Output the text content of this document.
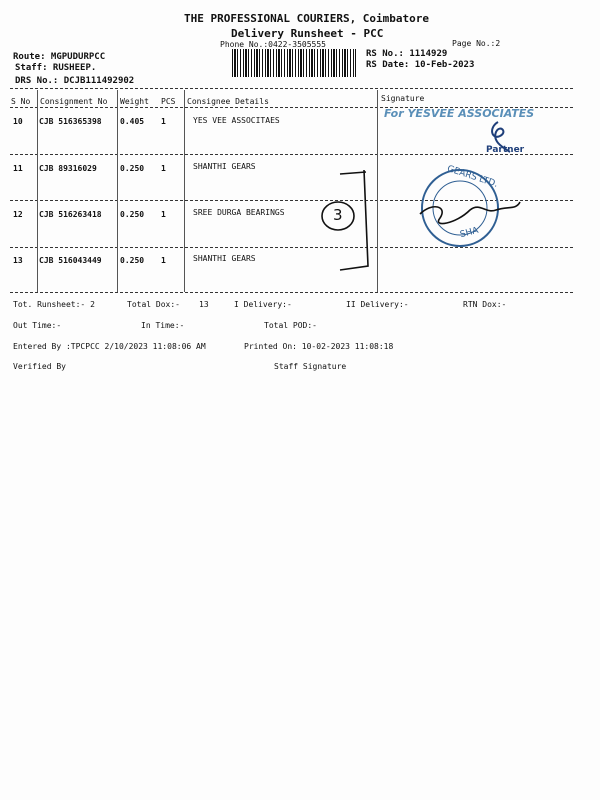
THE PROFESSIONAL COURIERS, Coimbatore
Delivery Runsheet - PCC
Phone No.:0422-3505555	Page No.:2
Route: MGPUDURPCC
Staff: RUSHEEP.
DRS No.: DCJB111492902
RS No.: 1114929
RS Date: 10-Feb-2023
S No Consignment No Weight PCS Consignee Details	Signature
10 CJB 516365398 0.405 1	YES VEE ASSOCITAES
11 CJB 89316029	0.250 1	SHANTHI GEARS
12 CJB 516263418 0.250 1	SREE DURGA BEARINGS
13 CJB 516043449 0.250 1	SHANTHI GEARS
For YESVEE ASSOCIATES
Partner
GEARS LTD.
SHA
3
Tot. Runsheet:- 2	Total Dox:- 13	I Delivery:-	II Delivery:-	RTN Dox:-
Out Time:-	In Time:-	Total POD:-
Entered By :TPCPCC 2/10/2023 11:08:06 AM	Printed On: 10-02-2023 11:08:18
Verified By	Staff Signature
